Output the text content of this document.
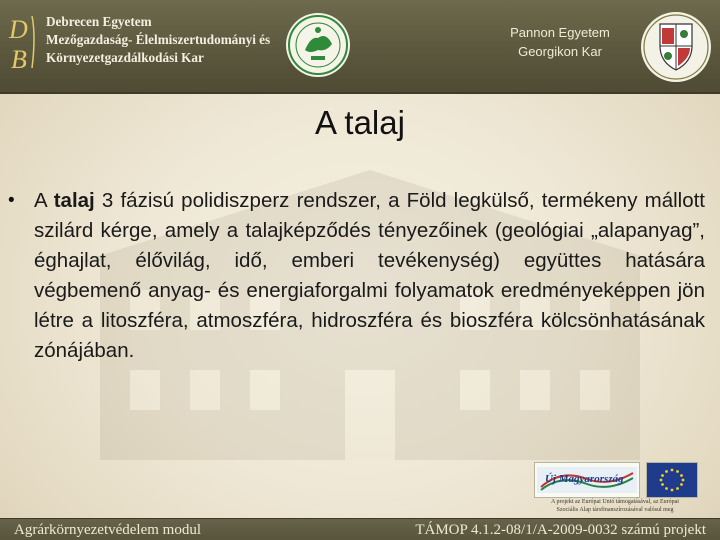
D
B
Debrecen Egyetem
Mezőgazdaság- Élelmiszertudományi és
Környezetgazdálkodási Kar
Pannon Egyetem
Georgikon Kar
A talaj
• A talaj 3 fázisú polidiszperz rendszer, a Föld legkülső, termékeny mállott szilárd kérge, amely a talajképződés tényezőinek (geológiai „alapanyag”, éghajlat, élővilág, idő, emberi tevékenység) együttes hatására végbemenő anyag- és energiaforgalmi folyamatok eredményeképpen jön létre a litoszféra, atmoszféra, hidroszféra és bioszféra kölcsönhatásának zónájában.
Új Magyarország
A projekt az Európai Unió támogatásával, az Európai
Szociális Alap társfinanszírozásával valósul meg
Agrárkörnyezetvédelem modul	TÁMOP 4.1.2-08/1/A-2009-0032 számú projekt
